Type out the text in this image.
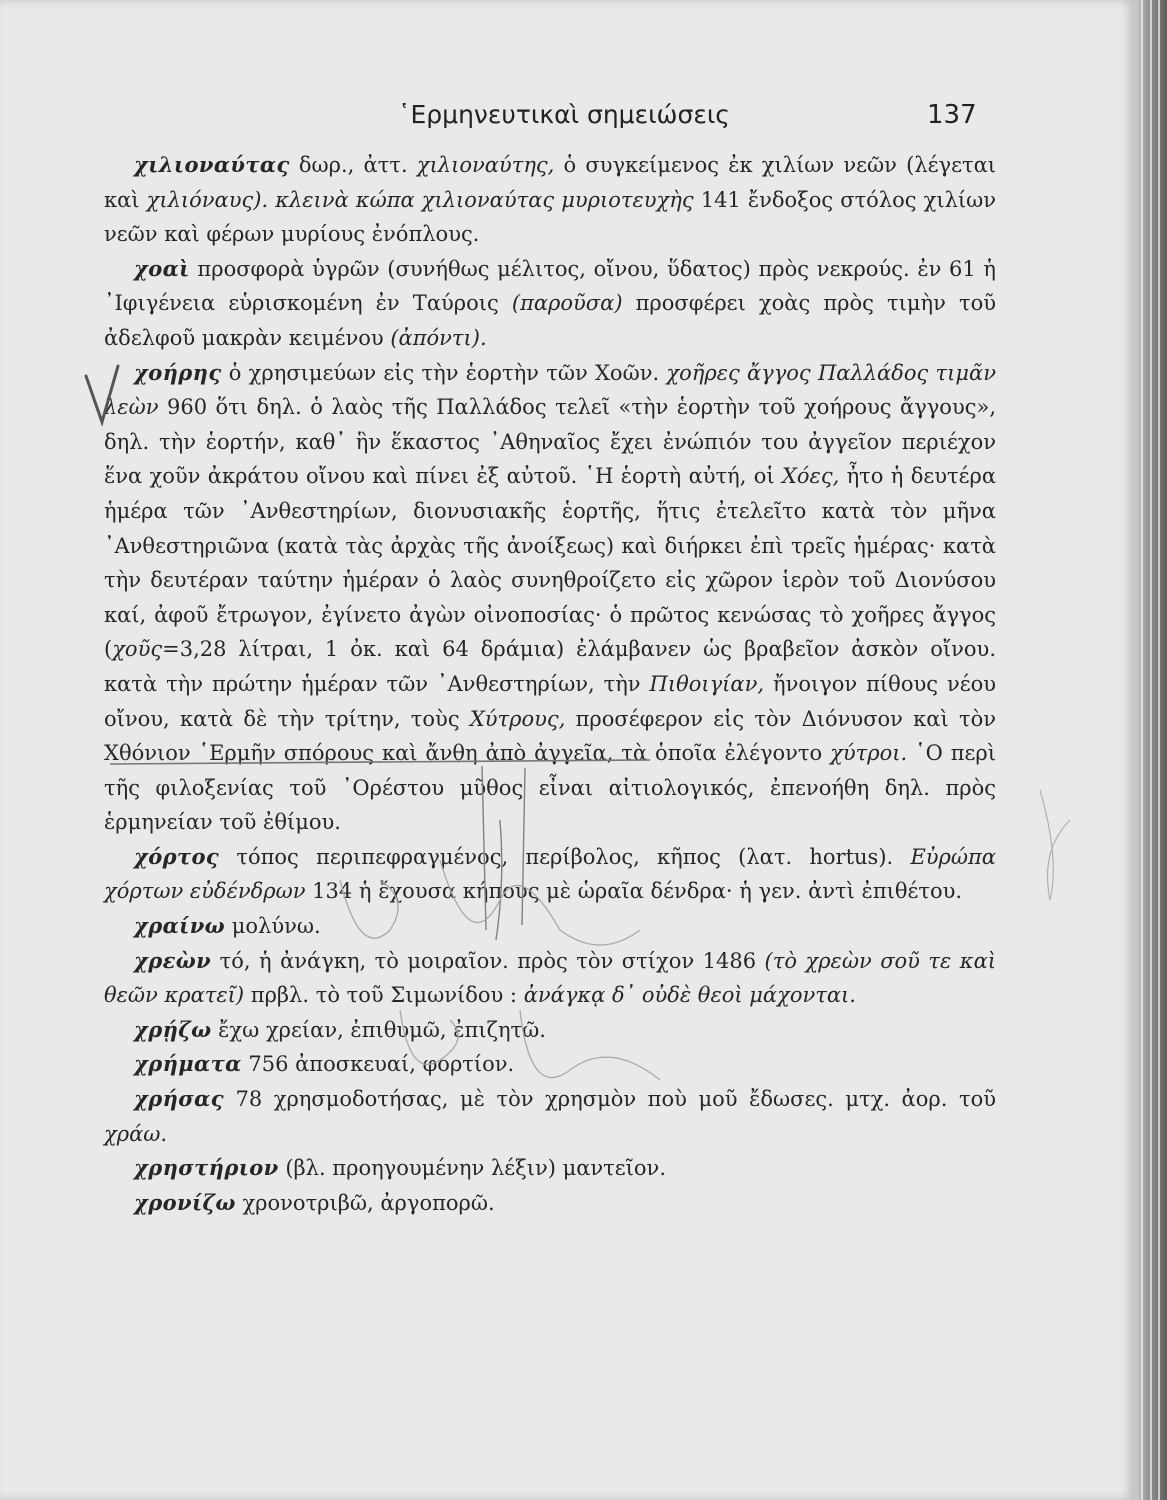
῾Ερμηνευτικαὶ σημειώσεις	137

χιλιοναύτας δωρ., ἀττ. χιλιοναύτης, ὁ συγκείμενος ἐκ χιλίων νεῶν (λέγεται καὶ χιλιόναυς). κλεινὰ κώπα χιλιοναύτας μυριοτευχὴς 141 ἔνδοξος στόλος χιλίων νεῶν καὶ φέρων μυρίους ἐνόπλους.

χοαὶ προσφορὰ ὑγρῶν (συνήθως μέλιτος, οἴνου, ὕδατος) πρὸς νεκρούς. ἐν 61 ἡ ᾿Ιφιγένεια εὑρισκομένη ἐν Ταύροις (παροῦσα) προσφέρει χοὰς πρὸς τιμὴν τοῦ ἀδελφοῦ μακρὰν κειμένου (ἀπόντι).

χοήρης ὁ χρησιμεύων εἰς τὴν ἑορτὴν τῶν Χοῶν. χοῆρες ἄγγος Παλλάδος τιμᾶν λεὼν 960 ὅτι δηλ. ὁ λαὸς τῆς Παλλάδος τελεῖ «τὴν ἑορτὴν τοῦ χοήρους ἄγγους», δηλ. τὴν ἑορτήν, καθ᾿ ἣν ἕκαστος ᾿Αθηναῖος ἔχει ἐνώπιόν του ἀγγεῖον περιέχον ἕνα χοῦν ἀκράτου οἴνου καὶ πίνει ἐξ αὐτοῦ. ῾Η ἑορτὴ αὐτή, οἱ Χόες, ἦτο ἡ δευτέρα ἡμέρα τῶν ᾿Ανθεστηρίων, διονυσιακῆς ἑορτῆς, ἥτις ἐτελεῖτο κατὰ τὸν μῆνα ᾿Ανθεστηριῶνα (κατὰ τὰς ἀρχὰς τῆς ἀνοίξεως) καὶ διήρκει ἐπὶ τρεῖς ἡμέρας· κατὰ τὴν δευτέραν ταύτην ἡμέραν ὁ λαὸς συνηθροίζετο εἰς χῶρον ἱερὸν τοῦ Διονύσου καί, ἀφοῦ ἔτρωγον, ἐγίνετο ἀγὼν οἰνοποσίας· ὁ πρῶτος κενώσας τὸ χοῆρες ἄγγος (χοῦς=3,28 λίτραι, 1 ὀκ. καὶ 64 δράμια) ἐλάμβανεν ὡς βραβεῖον ἀσκὸν οἴνου. κατὰ τὴν πρώτην ἡμέραν τῶν ᾿Ανθεστηρίων, τὴν Πιθοιγίαν, ἤνοιγον πίθους νέου οἴνου, κατὰ δὲ τὴν τρίτην, τοὺς Χύτρους, προσέφερον εἰς τὸν Διόνυσον καὶ τὸν Χθόνιον ῾Ερμῆν σπόρους καὶ ἄνθη ἀπὸ ἀγγεῖα, τὰ ὁποῖα ἐλέγοντο χύτροι. ῾Ο περὶ τῆς φιλοξενίας τοῦ ᾿Ορέστου μῦθος εἶναι αἰτιολογικός, ἐπενοήθη δηλ. πρὸς ἑρμηνείαν τοῦ ἐθίμου.

χόρτος τόπος περιπεφραγμένος, περίβολος, κῆπος (λατ. hortus). Εὐρώπα χόρτων εὐδένδρων 134 ἡ ἔχουσα κήπους μὲ ὡραῖα δένδρα· ἡ γεν. ἀντὶ ἐπιθέτου.

χραίνω μολύνω.

χρεὼν τό, ἡ ἀνάγκη, τὸ μοιραῖον. πρὸς τὸν στίχον 1486 (τὸ χρεὼν σοῦ τε καὶ θεῶν κρατεῖ) πρβλ. τὸ τοῦ Σιμωνίδου : ἀνάγκᾳ δ᾿ οὐδὲ θεοὶ μάχονται.

χρῄζω ἔχω χρείαν, ἐπιθυμῶ, ἐπιζητῶ.

χρήματα 756 ἀποσκευαί, φορτίον.

χρήσας 78 χρησμοδοτήσας, μὲ τὸν χρησμὸν ποὺ μοῦ ἔδωσες. μτχ. ἀορ. τοῦ χράω.

χρηστήριον (βλ. προηγουμένην λέξιν) μαντεῖον.

χρονίζω χρονοτριβῶ, ἀργοπορῶ.
